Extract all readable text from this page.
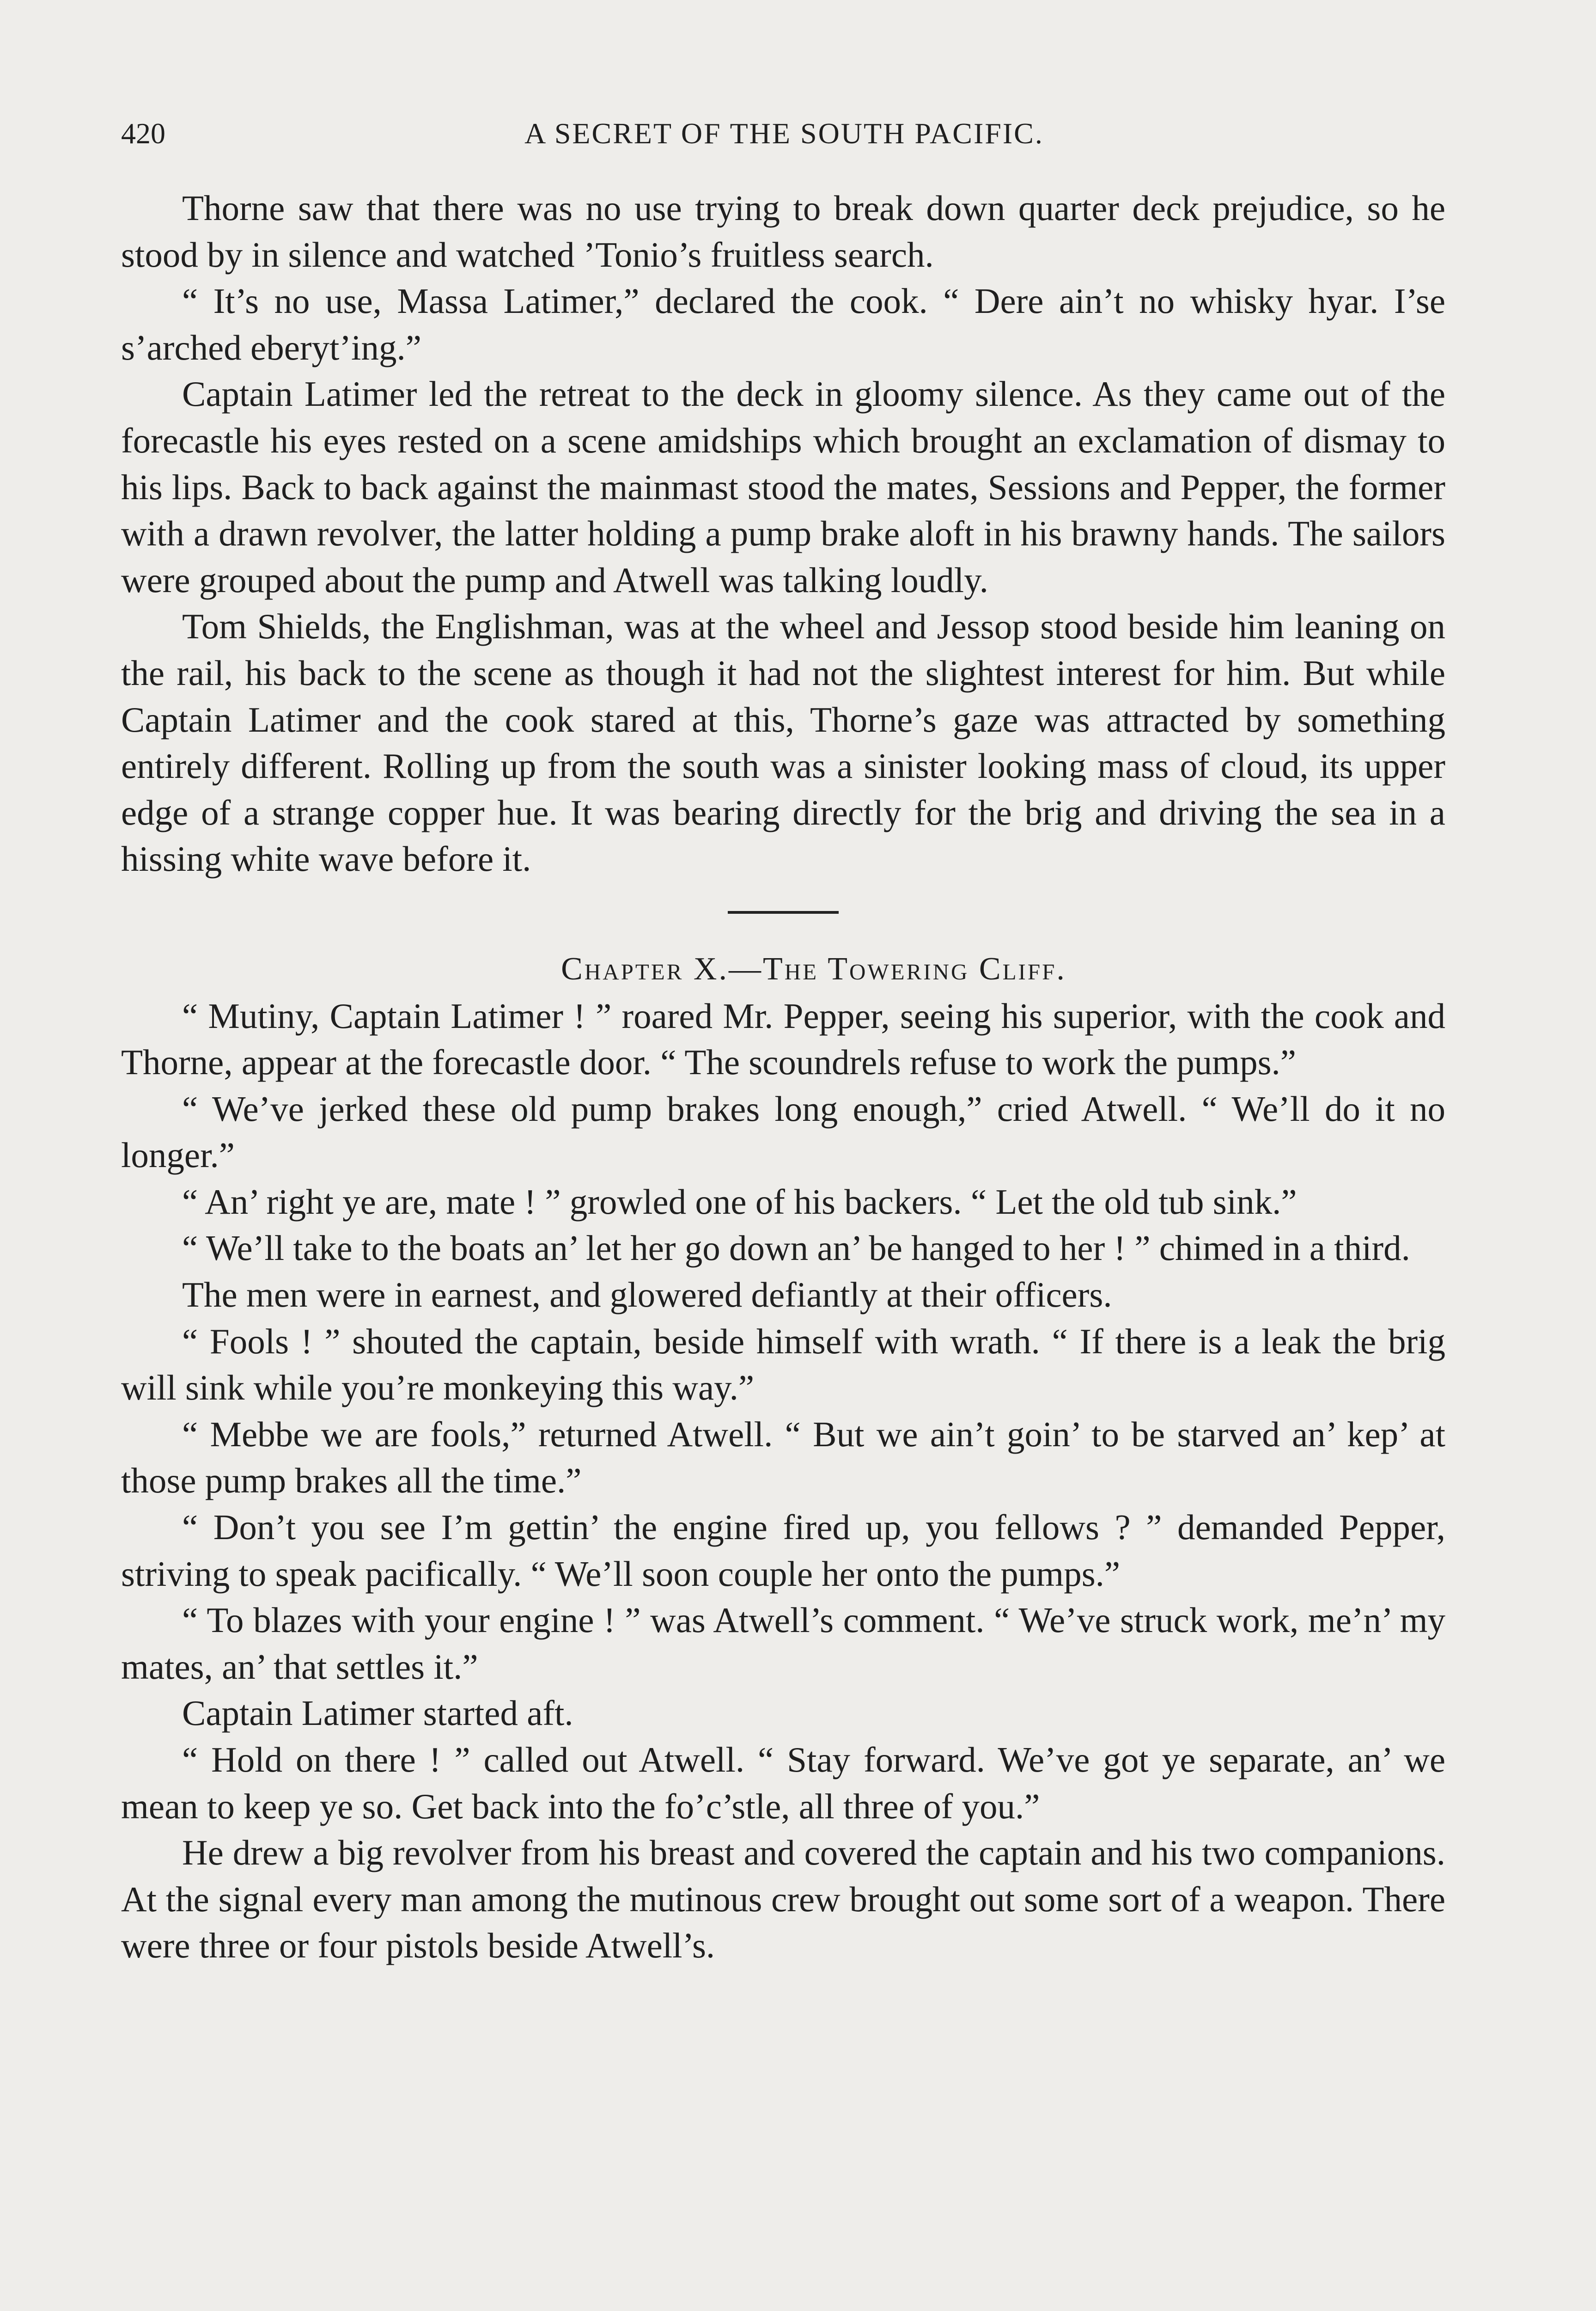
420	A SECRET OF THE SOUTH PACIFIC.

Thorne saw that there was no use trying to break down quarter deck prejudice, so he stood by in silence and watched ’Tonio’s fruitless search.

“ It’s no use, Massa Latimer,” declared the cook. “ Dere ain’t no whisky hyar. I’se s’arched eberyt’ing.”

Captain Latimer led the retreat to the deck in gloomy silence. As they came out of the forecastle his eyes rested on a scene amidships which brought an exclamation of dismay to his lips. Back to back against the mainmast stood the mates, Sessions and Pepper, the former with a drawn revolver, the latter holding a pump brake aloft in his brawny hands. The sailors were grouped about the pump and Atwell was talking loudly.

Tom Shields, the Englishman, was at the wheel and Jessop stood beside him leaning on the rail, his back to the scene as though it had not the slightest interest for him. But while Captain Latimer and the cook stared at this, Thorne’s gaze was attracted by something entirely different. Rolling up from the south was a sinister looking mass of cloud, its upper edge of a strange copper hue. It was bearing directly for the brig and driving the sea in a hissing white wave before it.

Chapter X.—The Towering Cliff.

“ Mutiny, Captain Latimer ! ” roared Mr. Pepper, seeing his superior, with the cook and Thorne, appear at the forecastle door. “ The scoundrels refuse to work the pumps.”

“ We’ve jerked these old pump brakes long enough,” cried Atwell. “ We’ll do it no longer.”

“ An’ right ye are, mate ! ” growled one of his backers. “ Let the old tub sink.”

“ We’ll take to the boats an’ let her go down an’ be hanged to her ! ” chimed in a third.

The men were in earnest, and glowered defiantly at their officers.

“ Fools ! ” shouted the captain, beside himself with wrath. “ If there is a leak the brig will sink while you’re monkeying this way.”

“ Mebbe we are fools,” returned Atwell. “ But we ain’t goin’ to be starved an’ kep’ at those pump brakes all the time.”

“ Don’t you see I’m gettin’ the engine fired up, you fellows ? ” demanded Pepper, striving to speak pacifically. “ We’ll soon couple her onto the pumps.”

“ To blazes with your engine ! ” was Atwell’s comment. “ We’ve struck work, me’n’ my mates, an’ that settles it.”

Captain Latimer started aft.

“ Hold on there ! ” called out Atwell. “ Stay forward. We’ve got ye separate, an’ we mean to keep ye so. Get back into the fo’c’stle, all three of you.”

He drew a big revolver from his breast and covered the captain and his two companions. At the signal every man among the mutinous crew brought out some sort of a weapon. There were three or four pistols beside Atwell’s.
